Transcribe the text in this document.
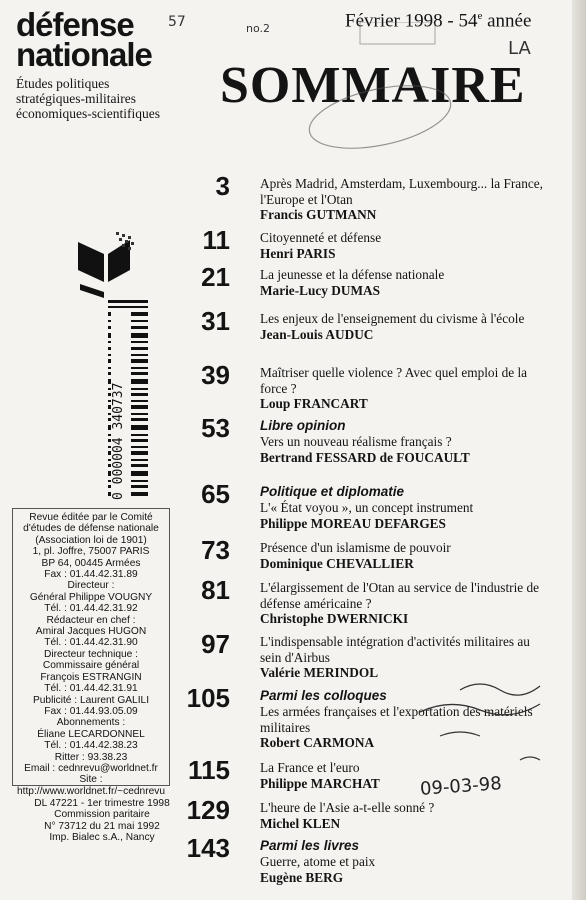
défense
nationale
Études politiques
stratégiques-militaires
économiques-scientifiques
57	no.2
LA
Février 1998 - 54e année
SOMMAIRE
0 000004 340737
3 Après Madrid, Amsterdam, Luxembourg... la France, l'Europe et l'Otan
Francis GUTMANN
11 Citoyenneté et défense
Henri PARIS
21 La jeunesse et la défense nationale
Marie-Lucy DUMAS
31 Les enjeux de l'enseignement du civisme à l'école
Jean-Louis AUDUC
39 Maîtriser quelle violence ? Avec quel emploi de la force ?
Loup FRANCART
53 Libre opinion
Vers un nouveau réalisme français ?
Bertrand FESSARD de FOUCAULT
65 Politique et diplomatie
L'« État voyou », un concept instrument
Philippe MOREAU DEFARGES
73 Présence d'un islamisme de pouvoir
Dominique CHEVALLIER
81 L'élargissement de l'Otan au service de l'industrie de défense américaine ?
Christophe DWERNICKI
97 L'indispensable intégration d'activités militaires au sein d'Airbus
Valérie MERINDOL
105 Parmi les colloques
Les armées françaises et l'exportation des matériels militaires
Robert CARMONA
115 La France et l'euro
Philippe MARCHAT
129 L'heure de l'Asie a-t-elle sonné ?
Michel KLEN
143 Parmi les livres
Guerre, atome et paix
Eugène BERG
09-03-98

Revue éditée par le Comité

d'études de défense nationale

(Association loi de 1901)

1, pl. Joffre, 75007 PARIS

BP 64, 00445 Armées

Fax : 01.44.42.31.89

Directeur :

Général Philippe VOUGNY

Tél. : 01.44.42.31.92

Rédacteur en chef :

Amiral Jacques HUGON

Tél. : 01.44.42.31.90

Directeur technique :

Commissaire général

François ESTRANGIN

Tél. : 01.44.42.31.91

Publicité : Laurent GALILI

Fax : 01.44.93.05.09

Abonnements :

Éliane LECARDONNEL

Tél. : 01.44.42.38.23

Ritter : 93.38.23

Email : cednrevu@worldnet.fr

Site :

http://www.worldnet.fr/~cednrevu

DL 47221 - 1er trimestre 1998

Commission paritaire

N° 73712 du 21 mai 1992

Imp. Bialec s.A., Nancy
